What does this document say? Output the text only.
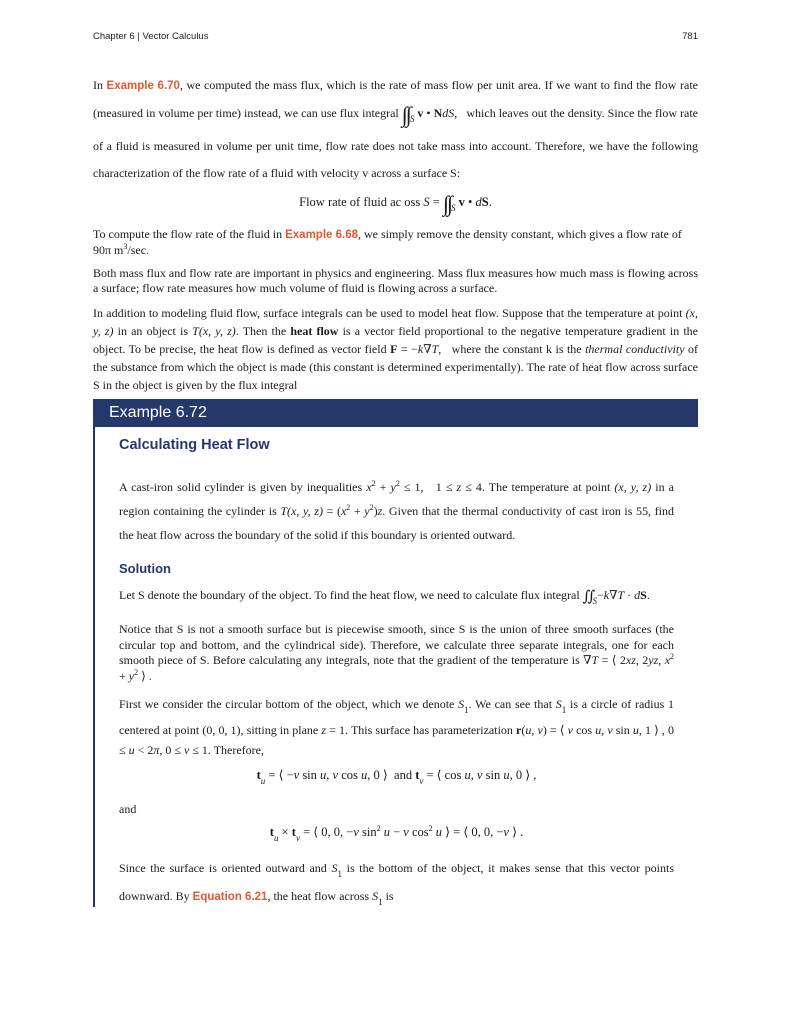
Chapter 6 | Vector Calculus	781

In Example 6.70, we computed the mass flux, which is the rate of mass flow per unit area. If we want to find the flow rate (measured in volume per time) instead, we can use flux integral $\int\int_S$ v • NdS,   which leaves out the density. Since the flow rate of a fluid is measured in volume per unit time, flow rate does not take mass into account. Therefore, we have the following characterization of the flow rate of a fluid with velocity v across a surface S:

Flow rate of fluid ac oss $S = \int\int_S$ v • dS.

To compute the flow rate of the fluid in Example 6.68, we simply remove the density constant, which gives a flow rate of
90π $m^3/\sec$.

Both mass flux and flow rate are important in physics and engineering. Mass flux measures how much mass is flowing across a surface; flow rate measures how much volume of fluid is flowing across a surface.

In addition to modeling fluid flow, surface integrals can be used to model heat flow. Suppose that the temperature at point (x, y, z) in an object is T(x, y, z). Then the heat flow is a vector field proportional to the negative temperature gradient in the object. To be precise, the heat flow is defined as vector field F = −k∇T,   where the constant k is the thermal conductivity of the substance from which the object is made (this constant is determined experimentally). The rate of heat flow across surface S in the object is given by the flux integral

Example 6.72
Calculating Heat Flow

A cast-iron solid cylinder is given by inequalities $x^2 + y^2 \le 1$,   1 ≤ z ≤ 4. The temperature at point (x, y, z) in a region containing the cylinder is T(x, y, $z) = (x^2 + y^2)z$. Given that the thermal conductivity of cast iron is 55, find the heat flow across the boundary of the solid if this boundary is oriented outward.

Solution

Let S denote the boundary of the object. To find the heat flow, we need to calculate flux integral $∬_S-k\nabla T$ · dS.

Notice that S is not a smooth surface but is piecewise smooth, since S is the union of three smooth surfaces (the circular top and bottom, and the cylindrical side). Therefore, we calculate three separate integrals, one for each smooth piece of S. Before calculating any integrals, note that the gradient of the temperature is ∇T = ⟨ 2xz, 2yz, $x^2 + y^2$ ⟩ .

First we consider the circular bottom of the object, which we denote $S_1$. We can see that $S_1$ is a circle of radius 1 centered at point (0, 0, 1), sitting in plane z = 1. This surface has parameterization r(u, v) = ⟨ v cos u, v sin u, 1 ⟩ , 0 ≤ u < 2π, 0 ≤ v ≤ 1. Therefore,

$t_u$ = ⟨ −v sin u, v cos u, 0 ⟩  and $t_v$ = ⟨ cos u, v sin u, 0 ⟩ ,

and

$t_u \times t_v$ = ⟨ 0, 0, −v $\sin^2 u - v$ $\cos^2 u$ ⟩ = ⟨ 0, 0, −v ⟩ .

Since the surface is oriented outward and $S_1$ is the bottom of the object, it makes sense that this vector points downward. By Equation 6.21, the heat flow across $S_1$ is
